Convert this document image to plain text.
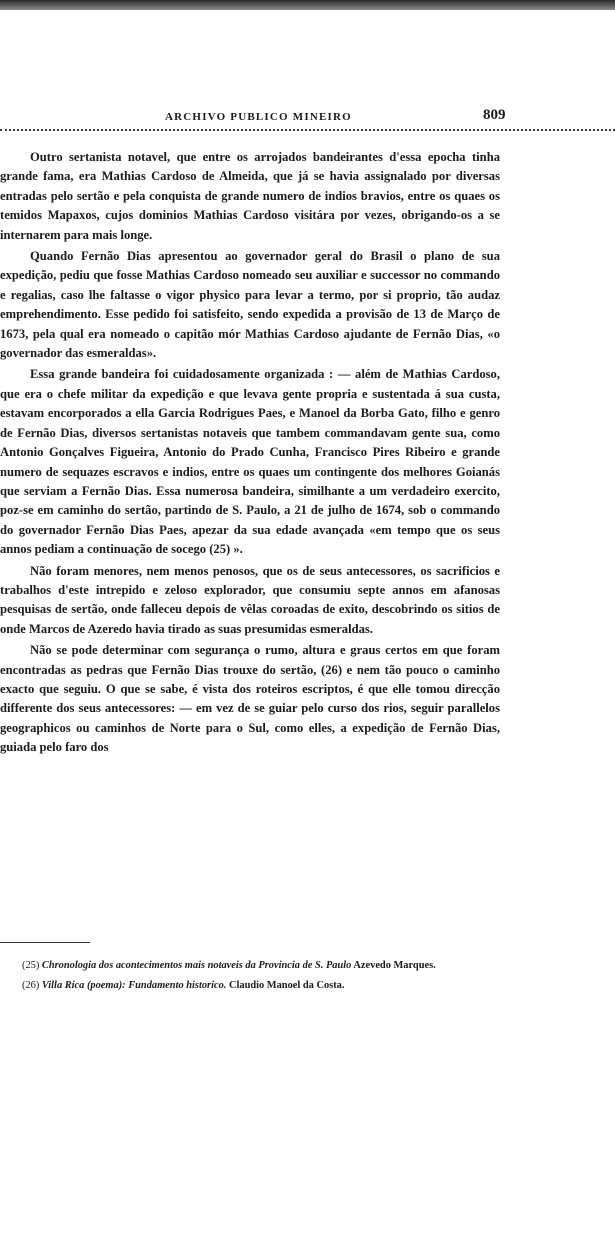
ARCHIVO PUBLICO MINEIRO	809

Outro sertanista notavel, que entre os arrojados bandeirantes d'essa epocha tinha grande fama, era Mathias Cardoso de Almeida, que já se havia assignalado por diversas entradas pelo sertão e pela conquista de grande numero de indios bravios, entre os quaes os temidos Mapaxos, cujos dominios Mathias Cardoso visitára por vezes, obrigando-os a se internarem para mais longe.

Quando Fernão Dias apresentou ao governador geral do Brasil o plano de sua expedição, pediu que fosse Mathias Cardoso nomeado seu auxiliar e successor no commando e regalias, caso lhe faltasse o vigor physico para levar a termo, por si proprio, tão audaz emprehendimento. Esse pedido foi satisfeito, sendo expedida a provisão de 13 de Março de 1673, pela qual era nomeado o capitão mór Mathias Cardoso ajudante de Fernão Dias, «o governador das esmeraldas».

Essa grande bandeira foi cuidadosamente organizada : — além de Mathias Cardoso, que era o chefe militar da expedição e que levava gente propria e sustentada á sua custa, estavam encorporados a ella Garcia Rodrigues Paes, e Manoel da Borba Gato, filho e genro de Fernão Dias, diversos sertanistas notaveis que tambem commandavam gente sua, como Antonio Gonçalves Figueira, Antonio do Prado Cunha, Francisco Pires Ribeiro e grande numero de sequazes escravos e indios, entre os quaes um contingente dos melhores Goianás que serviam a Fernão Dias. Essa numerosa bandeira, similhante a um verdadeiro exercito, poz-se em caminho do sertão, partindo de S. Paulo, a 21 de julho de 1674, sob o commando do governador Fernão Dias Paes, apezar da sua edade avançada «em tempo que os seus annos pediam a continuação de socego (25) ».

Não foram menores, nem menos penosos, que os de seus antecessores, os sacrificios e trabalhos d'este intrepido e zeloso explorador, que consumiu septe annos em afanosas pesquisas de sertão, onde falleceu depois de vêlas coroadas de exito, descobrindo os sitios de onde Marcos de Azeredo havia tirado as suas presumidas esmeraldas.

Não se pode determinar com segurança o rumo, altura e graus certos em que foram encontradas as pedras que Fernão Dias trouxe do sertão, (26) e nem tão pouco o caminho exacto que seguiu. O que se sabe, é vista dos roteiros escriptos, é que elle tomou direcção differente dos seus antecessores: — em vez de se guiar pelo curso dos rios, seguir parallelos geographicos ou caminhos de Norte para o Sul, como elles, a expedição de Fernão Dias, guiada pelo faro dos

(25) Chronologia dos acontecimentos mais notaveis da Provincia de S. Paulo Azevedo Marques.

(26) Villa Rica (poema): Fundamento historico. Claudio Manoel da Costa.
